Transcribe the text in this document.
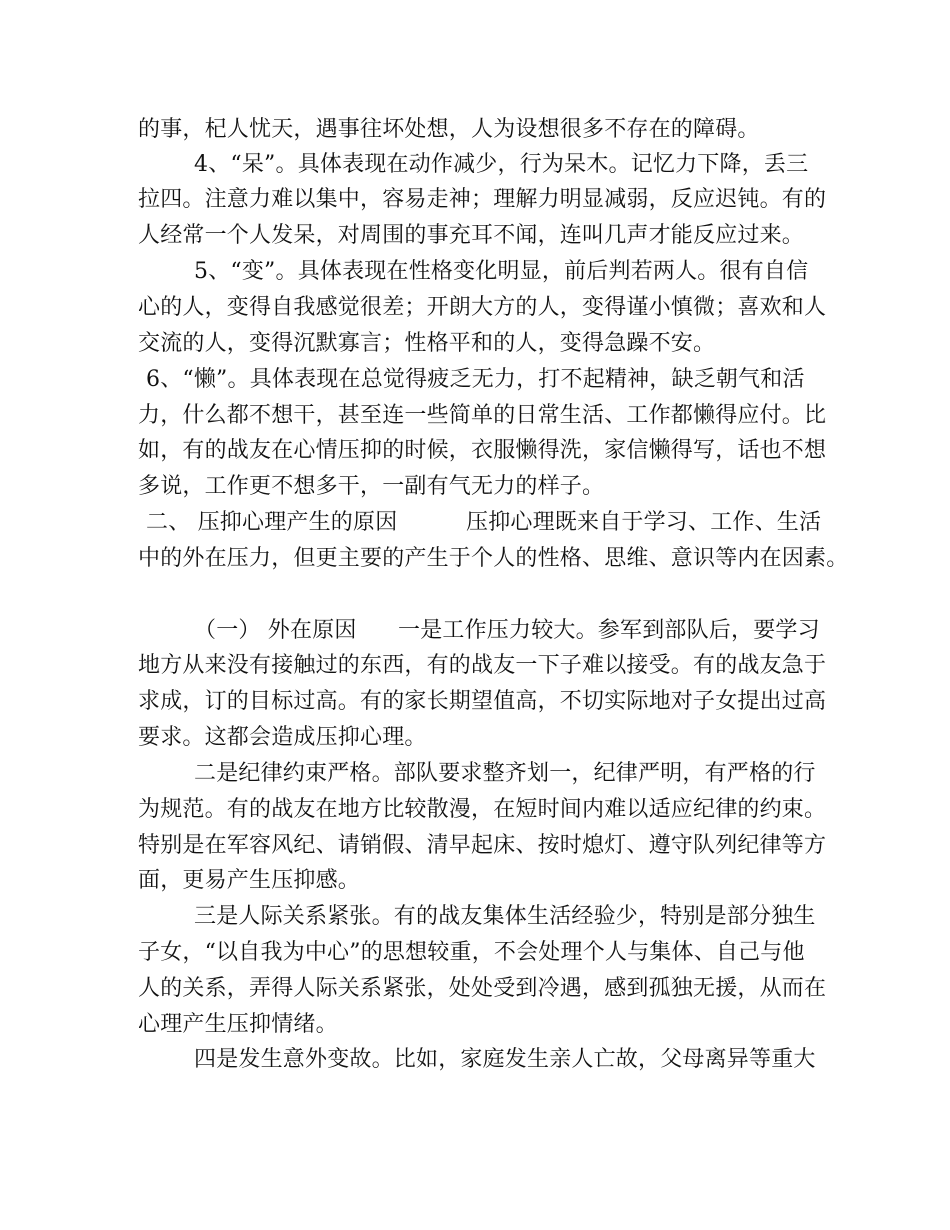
的事，杞人忧天，遇事往坏处想，人为设想很多不存在的障碍。
4、“呆”。具体表现在动作减少，行为呆木。记忆力下降，丢三
拉四。注意力难以集中，容易走神；理解力明显减弱，反应迟钝。有的
人经常一个人发呆，对周围的事充耳不闻，连叫几声才能反应过来。
5、“变”。具体表现在性格变化明显，前后判若两人。很有自信
心的人，变得自我感觉很差；开朗大方的人，变得谨小慎微；喜欢和人
交流的人，变得沉默寡言；性格平和的人，变得急躁不安。
6、“懒”。具体表现在总觉得疲乏无力，打不起精神，缺乏朝气和活
力，什么都不想干，甚至连一些简单的日常生活、工作都懒得应付。比
如，有的战友在心情压抑的时候，衣服懒得洗，家信懒得写，话也不想
多说，工作更不想多干，一副有气无力的样子。
二、 压抑心理产生的原因	压抑心理既来自于学习、工作、生活
中的外在压力，但更主要的产生于个人的性格、思维、意识等内在因素。
（一） 外在原因 一是工作压力较大。参军到部队后，要学习
地方从来没有接触过的东西，有的战友一下子难以接受。有的战友急于
求成，订的目标过高。有的家长期望值高，不切实际地对子女提出过高
要求。这都会造成压抑心理。
二是纪律约束严格。部队要求整齐划一，纪律严明，有严格的行
为规范。有的战友在地方比较散漫，在短时间内难以适应纪律的约束。
特别是在军容风纪、请销假、清早起床、按时熄灯、遵守队列纪律等方
面，更易产生压抑感。
三是人际关系紧张。有的战友集体生活经验少，特别是部分独生
子女，“以自我为中心”的思想较重，不会处理个人与集体、自己与他
人的关系，弄得人际关系紧张，处处受到冷遇，感到孤独无援，从而在
心理产生压抑情绪。
四是发生意外变故。比如，家庭发生亲人亡故，父母离异等重大
